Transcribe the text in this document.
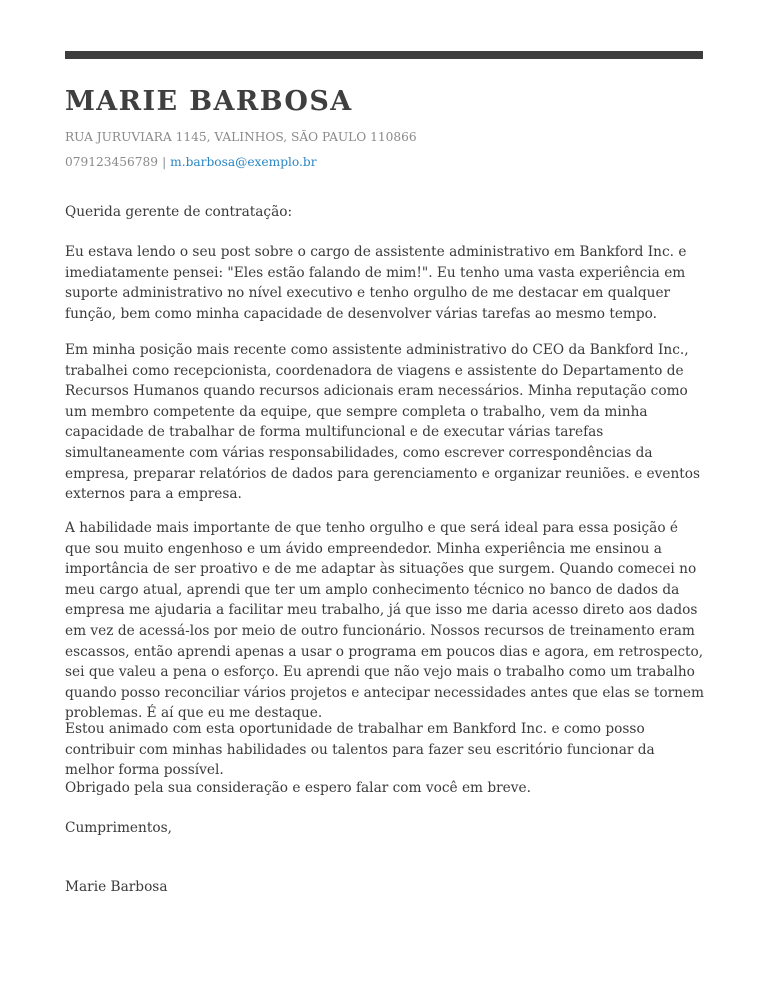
MARIE BARBOSA
RUA JURUVIARA 1145, VALINHOS, SÃO PAULO 110866
079123456789 | m.barbosa@exemplo.br

Querida gerente de contratação:

Eu estava lendo o seu post sobre o cargo de assistente administrativo em Bankford Inc. e imediatamente pensei: "Eles estão falando de mim!". Eu tenho uma vasta experiência em suporte administrativo no nível executivo e tenho orgulho de me destacar em qualquer função, bem como minha capacidade de desenvolver várias tarefas ao mesmo tempo.

Em minha posição mais recente como assistente administrativo do CEO da Bankford Inc., trabalhei como recepcionista, coordenadora de viagens e assistente do Departamento de Recursos Humanos quando recursos adicionais eram necessários. Minha reputação como um membro competente da equipe, que sempre completa o trabalho, vem da minha capacidade de trabalhar de forma multifuncional e de executar várias tarefas simultaneamente com várias responsabilidades, como escrever correspondências da empresa, preparar relatórios de dados para gerenciamento e organizar reuniões. e eventos externos para a empresa.

A habilidade mais importante de que tenho orgulho e que será ideal para essa posição é que sou muito engenhoso e um ávido empreendedor. Minha experiência me ensinou a importância de ser proativo e de me adaptar às situações que surgem. Quando comecei no meu cargo atual, aprendi que ter um amplo conhecimento técnico no banco de dados da empresa me ajudaria a facilitar meu trabalho, já que isso me daria acesso direto aos dados em vez de acessá-los por meio de outro funcionário. Nossos recursos de treinamento eram escassos, então aprendi apenas a usar o programa em poucos dias e agora, em retrospecto, sei que valeu a pena o esforço. Eu aprendi que não vejo mais o trabalho como um trabalho quando posso reconciliar vários projetos e antecipar necessidades antes que elas se tornem problemas. É aí que eu me destaque.

Estou animado com esta oportunidade de trabalhar em Bankford Inc. e como posso contribuir com minhas habilidades ou talentos para fazer seu escritório funcionar da melhor forma possível.

Obrigado pela sua consideração e espero falar com você em breve.

Cumprimentos,

Marie Barbosa
